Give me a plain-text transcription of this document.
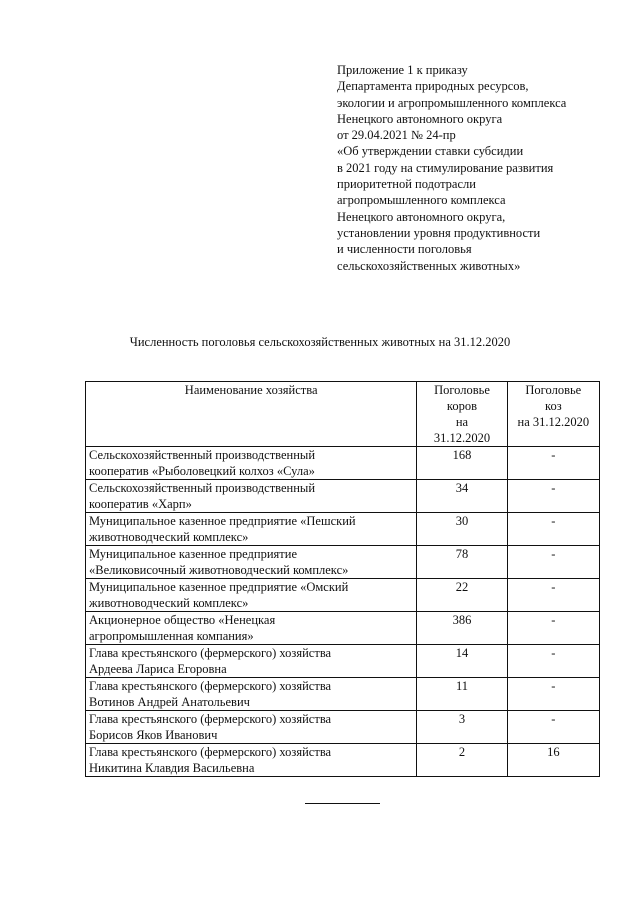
Приложение 1 к приказу
Департамента природных ресурсов,
экологии и агропромышленного комплекса
Ненецкого автономного округа
от 29.04.2021 № 24-пр
«Об утверждении ставки субсидии
в 2021 году на стимулирование развития
приоритетной подотрасли
агропромышленного комплекса
Ненецкого автономного округа,
установлении уровня продуктивности
и численности поголовья
сельскохозяйственных животных»
Численность поголовья сельскохозяйственных животных на 31.12.2020
Наименование хозяйства	Поголовье
коров
на
31.12.2020	Поголовье
коз
на 31.12.2020

Сельскохозяйственный производственный
кооператив «Рыболовецкий колхоз «Сула»	168	-
Сельскохозяйственный производственный
кооператив «Харп»	34	-
Муниципальное казенное предприятие «Пешский
животноводческий комплекс»	30	-
Муниципальное казенное предприятие
«Великовисочный животноводческий комплекс»	78	-
Муниципальное казенное предприятие «Омский
животноводческий комплекс»	22	-
Акционерное общество «Ненецкая
агропромышленная компания»	386	-
Глава крестьянского (фермерского) хозяйства
Ардеева Лариса Егоровна	14	-
Глава крестьянского (фермерского) хозяйства
Вотинов Андрей Анатольевич	11	-
Глава крестьянского (фермерского) хозяйства
Борисов Яков Иванович	3	-
Глава крестьянского (фермерского) хозяйства
Никитина Клавдия Васильевна	2	16
